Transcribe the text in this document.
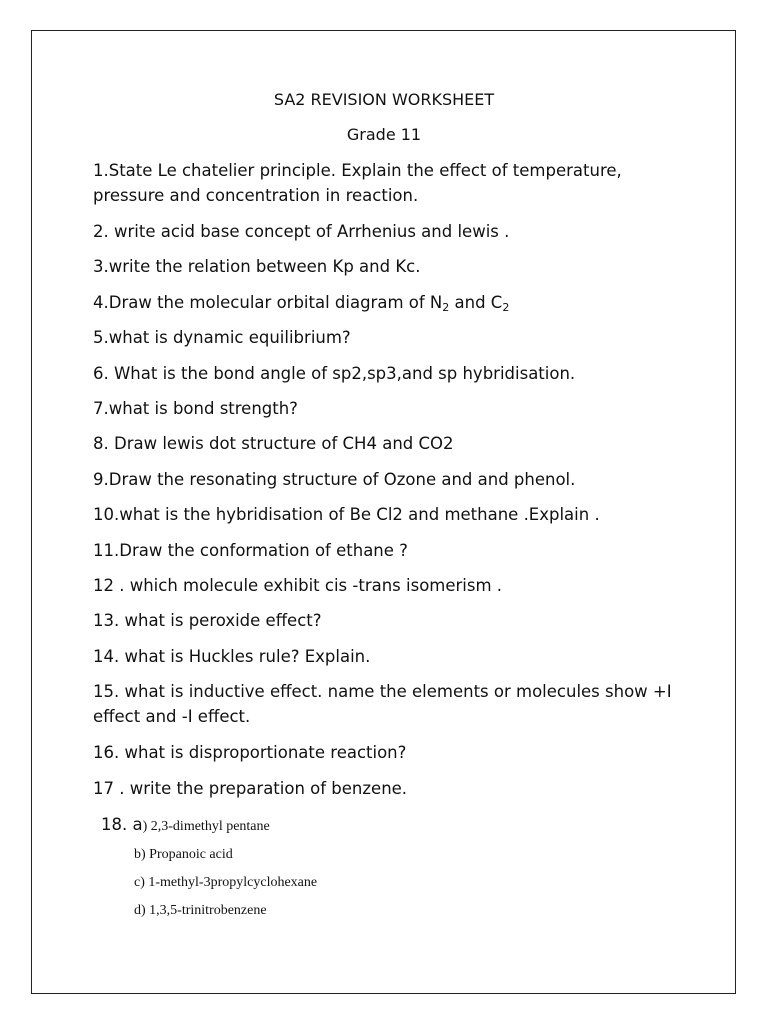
SA2 REVISION WORKSHEET
Grade 11
1.State Le chatelier principle. Explain the effect of temperature, pressure and concentration in reaction.
2. write acid base concept of Arrhenius and lewis .
3.write the relation between Kp and Kc.
4.Draw the molecular orbital diagram of $N_2$ and $C_2$
5.what is dynamic equilibrium?
6. What is the bond angle of sp2,sp3,and sp hybridisation.
7.what is bond strength?
8. Draw lewis dot structure of CH4 and CO2
9.Draw the resonating structure of Ozone and and phenol.
10.what is the hybridisation of Be Cl2 and methane .Explain .
11.Draw the conformation of ethane ?
12 . which molecule exhibit cis -trans isomerism .
13. what is peroxide effect?
14. what is Huckles rule? Explain.
15. what is inductive effect. name the elements or molecules show +I effect and -I effect.
16. what is disproportionate reaction?
17 . write the preparation of benzene.
18. a) 2,3-dimethyl pentane
b) Propanoic acid
c) 1-methyl-3propylcyclohexane
d) 1,3,5-trinitrobenzene
